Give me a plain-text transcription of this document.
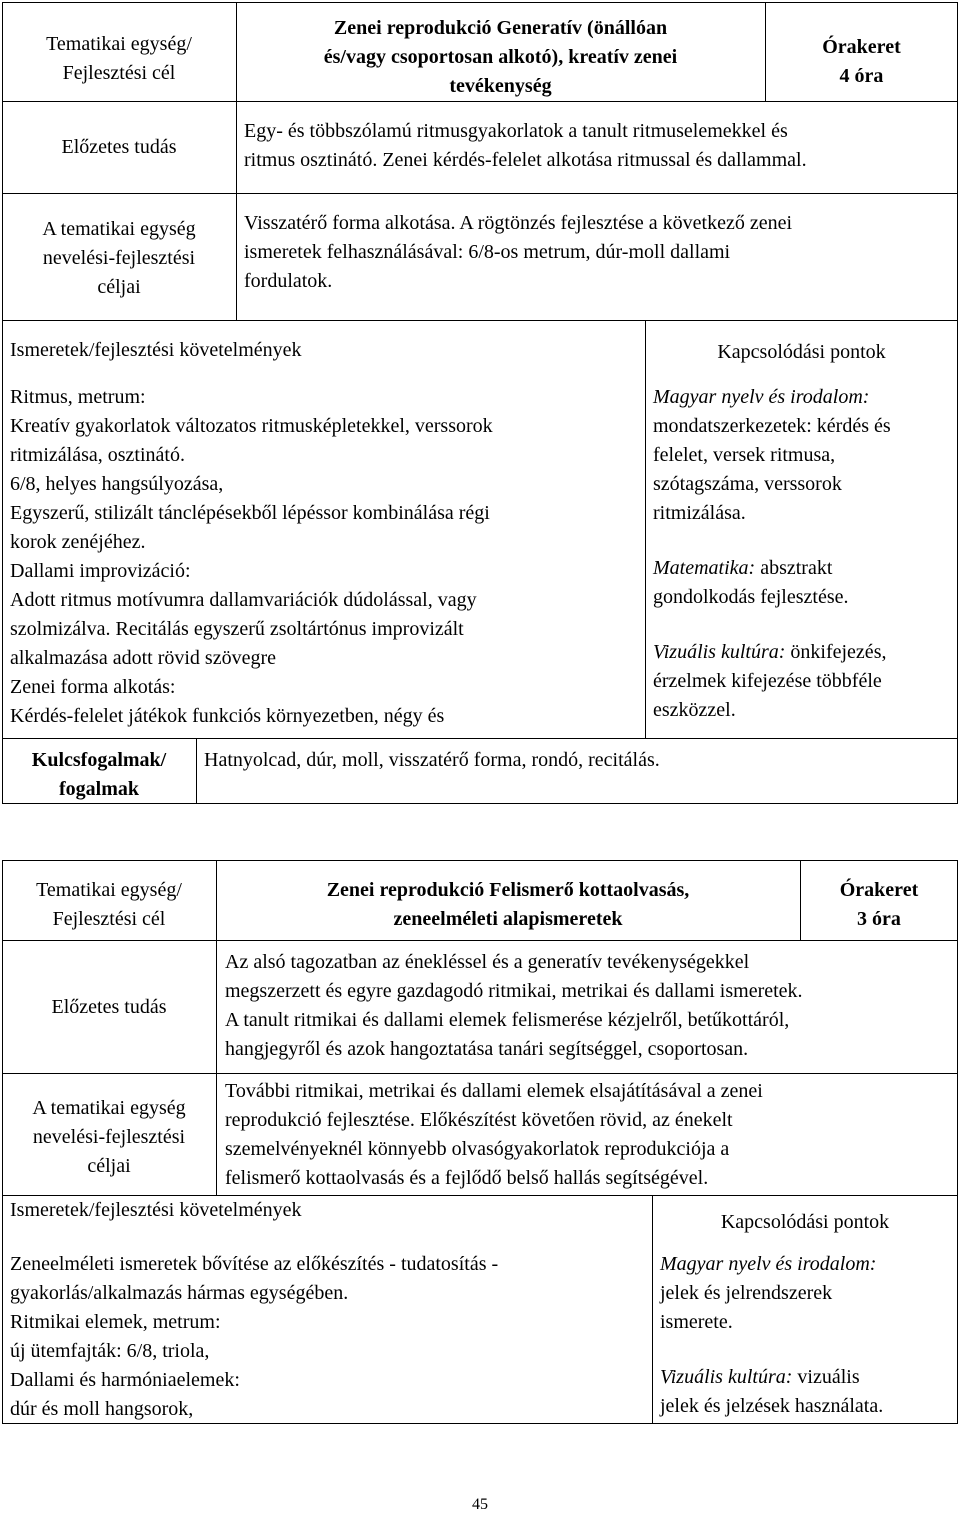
Tematikai egység/
Fejlesztési cél
Zenei reprodukció Generatív (önállóan
és/vagy csoportosan alkotó), kreatív zenei
tevékenység
Órakeret
4 óra
Előzetes tudás
Egy- és többszólamú ritmusgyakorlatok a tanult ritmuselemekkel és
ritmus osztinátó. Zenei kérdés-felelet alkotása ritmussal és dallammal.
A tematikai egység
nevelési-fejlesztési
céljai
Visszatérő forma alkotása. A rögtönzés fejlesztése a következő zenei
ismeretek felhasználásával: 6/8-os metrum, dúr-moll dallami
fordulatok.
Ismeretek/fejlesztési követelmények	Kapcsolódási pontok
Ritmus, metrum:
Kreatív gyakorlatok változatos ritmusképletekkel, verssorok
ritmizálása, osztinátó.
6/8, helyes hangsúlyozása,
Egyszerű, stilizált tánclépésekből lépéssor kombinálása régi
korok zenéjéhez.
Dallami improvizáció:
Adott ritmus motívumra dallamvariációk dúdolással, vagy
szolmizálva. Recitálás egyszerű zsoltártónus improvizált
alkalmazása adott rövid szövegre
Zenei forma alkotás:
Kérdés-felelet játékok funkciós környezetben, négy és
Magyar nyelv és irodalom:
mondatszerkezetek: kérdés és
felelet, versek ritmusa,
szótagszáma, verssorok
ritmizálása.
Matematika: absztrakt
gondolkodás fejlesztése.
Vizuális kultúra: önkifejezés,
érzelmek kifejezése többféle
eszközzel.
Kulcsfogalmak/
fogalmak
Hatnyolcad, dúr, moll, visszatérő forma, rondó, recitálás.
Tematikai egység/
Fejlesztési cél
Zenei reprodukció Felismerő kottaolvasás,
zeneelméleti alapismeretek
Órakeret
3 óra
Előzetes tudás
Az alsó tagozatban az énekléssel és a generatív tevékenységekkel
megszerzett és egyre gazdagodó ritmikai, metrikai és dallami ismeretek.
A tanult ritmikai és dallami elemek felismerése kézjelről, betűkottáról,
hangjegyről és azok hangoztatása tanári segítséggel, csoportosan.
A tematikai egység
nevelési-fejlesztési
céljai
További ritmikai, metrikai és dallami elemek elsajátításával a zenei
reprodukció fejlesztése. Előkészítést követően rövid, az énekelt
szemelvényeknél könnyebb olvasógyakorlatok reprodukciója a
felismerő kottaolvasás és a fejlődő belső hallás segítségével.
Ismeretek/fejlesztési követelmények
Kapcsolódási pontok
Zeneelméleti ismeretek bővítése az előkészítés - tudatosítás -
gyakorlás/alkalmazás hármas egységében.
Ritmikai elemek, metrum:
új ütemfajták: 6/8, triola,
Dallami és harmóniaelemek:
dúr és moll hangsorok,
Magyar nyelv és irodalom:
jelek és jelrendszerek
ismerete.
Vizuális kultúra: vizuális
jelek és jelzések használata.
45
